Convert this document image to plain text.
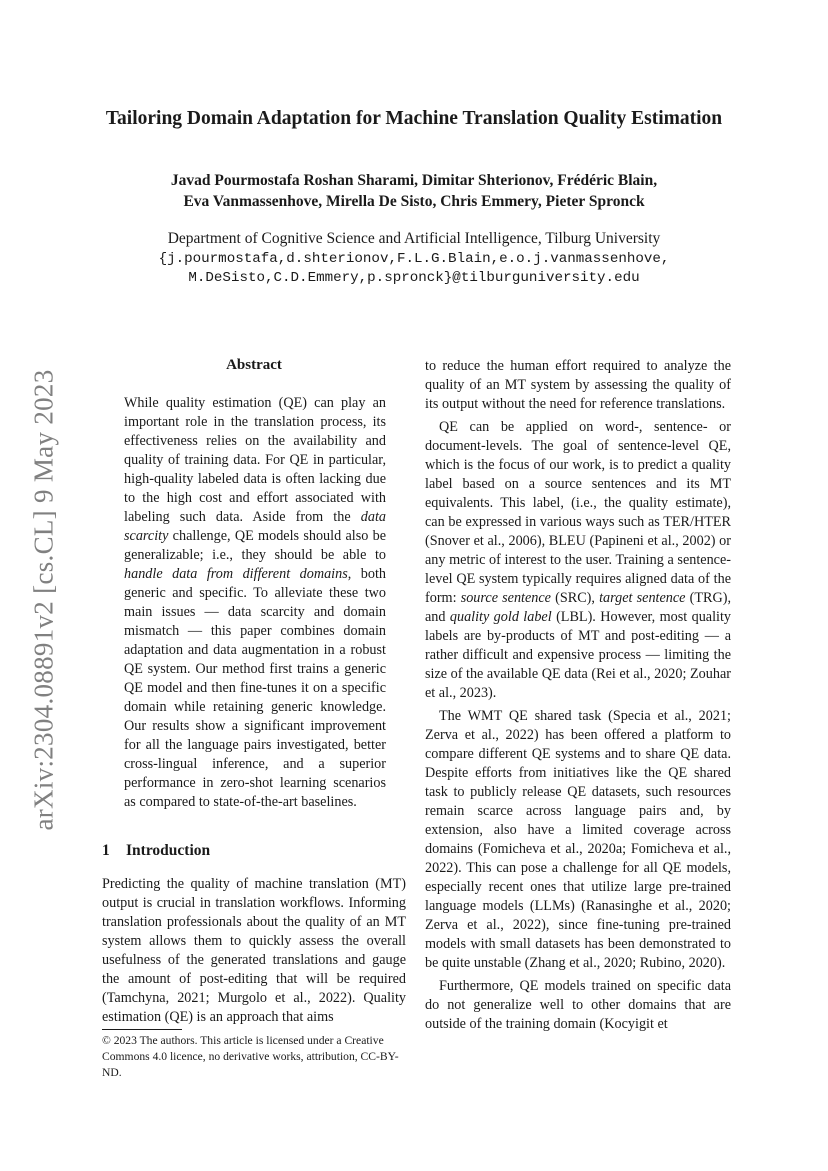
Tailoring Domain Adaptation for Machine Translation Quality Estimation
Javad Pourmostafa Roshan Sharami, Dimitar Shterionov, Frédéric Blain,
Eva Vanmassenhove, Mirella De Sisto, Chris Emmery, Pieter Spronck
Department of Cognitive Science and Artificial Intelligence, Tilburg University
{j.pourmostafa,d.shterionov,F.L.G.Blain,e.o.j.vanmassenhove,
M.DeSisto,C.D.Emmery,p.spronck}@tilburguniversity.edu
arXiv:2304.08891v2 [cs.CL] 9 May 2023
Abstract
While quality estimation (QE) can play an important role in the translation process, its effectiveness relies on the availability and quality of training data. For QE in particular, high-quality labeled data is often lacking due to the high cost and effort associated with labeling such data. Aside from the data scarcity challenge, QE models should also be generalizable; i.e., they should be able to handle data from different domains, both generic and specific. To alleviate these two main issues — data scarcity and domain mismatch — this paper combines domain adaptation and data augmentation in a robust QE system. Our method first trains a generic QE model and then fine-tunes it on a specific domain while retaining generic knowledge. Our results show a significant improvement for all the language pairs investigated, better cross-lingual inference, and a superior performance in zero-shot learning scenarios as compared to state-of-the-art baselines.
1 Introduction

Predicting the quality of machine translation (MT) output is crucial in translation workflows. Informing translation professionals about the quality of an MT system allows them to quickly assess the overall usefulness of the generated translations and gauge the amount of post-editing that will be required (Tamchyna, 2021; Murgolo et al., 2022). Quality estimation (QE) is an approach that aims

© 2023 The authors. This article is licensed under a Creative Commons 4.0 licence, no derivative works, attribution, CC-BY-ND.

to reduce the human effort required to analyze the quality of an MT system by assessing the quality of its output without the need for reference translations.

QE can be applied on word-, sentence- or document-levels. The goal of sentence-level QE, which is the focus of our work, is to predict a quality label based on a source sentences and its MT equivalents. This label, (i.e., the quality estimate), can be expressed in various ways such as TER/HTER (Snover et al., 2006), BLEU (Papineni et al., 2002) or any metric of interest to the user. Training a sentence-level QE system typically requires aligned data of the form: source sentence (SRC), target sentence (TRG), and quality gold label (LBL). However, most quality labels are by-products of MT and post-editing — a rather difficult and expensive process — limiting the size of the available QE data (Rei et al., 2020; Zouhar et al., 2023).

The WMT QE shared task (Specia et al., 2021; Zerva et al., 2022) has been offered a platform to compare different QE systems and to share QE data. Despite efforts from initiatives like the QE shared task to publicly release QE datasets, such resources remain scarce across language pairs and, by extension, also have a limited coverage across domains (Fomicheva et al., 2020a; Fomicheva et al., 2022). This can pose a challenge for all QE models, especially recent ones that utilize large pre-trained language models (LLMs) (Ranasinghe et al., 2020; Zerva et al., 2022), since fine-tuning pre-trained models with small datasets has been demonstrated to be quite unstable (Zhang et al., 2020; Rubino, 2020).

Furthermore, QE models trained on specific data do not generalize well to other domains that are outside of the training domain (Kocyigit et
